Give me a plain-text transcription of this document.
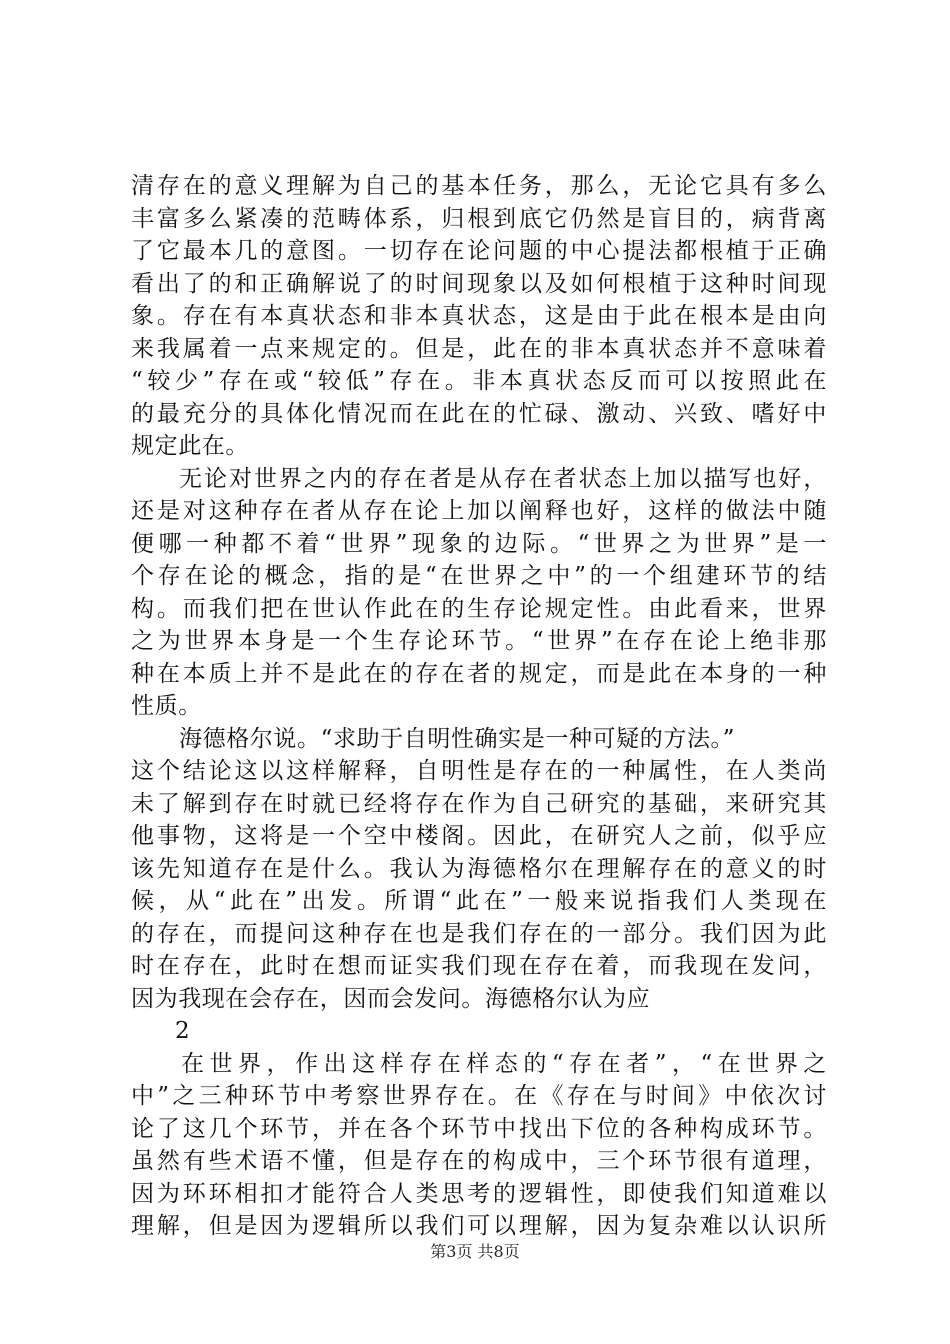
清存在的意义理解为自己的基本任务，那么，无论它具有多么
丰富多么紧凑的范畴体系，归根到底它仍然是盲目的，病背离
了它最本几的意图。一切存在论问题的中心提法都根植于正确
看出了的和正确解说了的时间现象以及如何根植于这种时间现
象。存在有本真状态和非本真状态，这是由于此在根本是由向
来我属着一点来规定的。但是，此在的非本真状态并不意味着
“较少”存在或“较低”存在。非本真状态反而可以按照此在
的最充分的具体化情况而在此在的忙碌、激动、兴致、嗜好中
规定此在。
无论对世界之内的存在者是从存在者状态上加以描写也好，
还是对这种存在者从存在论上加以阐释也好，这样的做法中随
便哪一种都不着“世界”现象的边际。“世界之为世界”是一
个存在论的概念，指的是“在世界之中”的一个组建环节的结
构。而我们把在世认作此在的生存论规定性。由此看来，世界
之为世界本身是一个生存论环节。“世界”在存在论上绝非那
种在本质上并不是此在的存在者的规定，而是此在本身的一种
性质。
海德格尔说。“求助于自明性确实是一种可疑的方法。”
这个结论这以这样解释，自明性是存在的一种属性，在人类尚
未了解到存在时就已经将存在作为自己研究的基础，来研究其
他事物，这将是一个空中楼阁。因此，在研究人之前，似乎应
该先知道存在是什么。我认为海德格尔在理解存在的意义的时
候，从“此在”出发。所谓“此在”一般来说指我们人类现在
的存在，而提问这种存在也是我们存在的一部分。我们因为此
时在存在，此时在想而证实我们现在存在着，而我现在发问，
因为我现在会存在，因而会发问。海德格尔认为应
2
在世界，作出这样存在样态的“存在者”，“在世界之
中”之三种环节中考察世界存在。在《存在与时间》中依次讨
论了这几个环节，并在各个环节中找出下位的各种构成环节。
虽然有些术语不懂，但是存在的构成中，三个环节很有道理，
因为环环相扣才能符合人类思考的逻辑性，即使我们知道难以
理解，但是因为逻辑所以我们可以理解，因为复杂难以认识所
第3页 共8页
